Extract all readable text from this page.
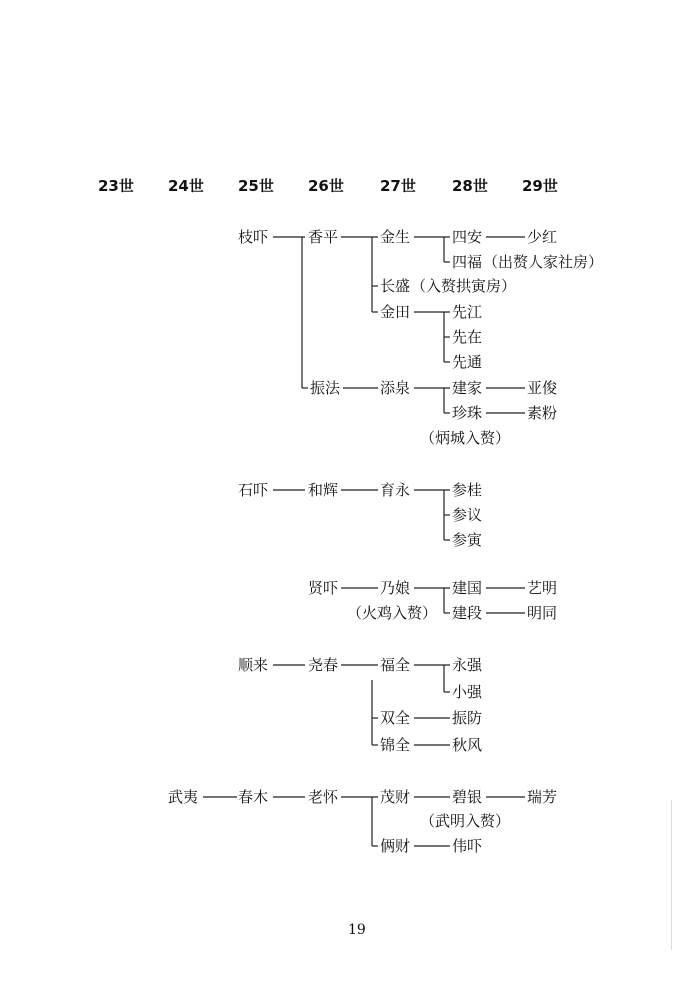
23世 24世 25世 26世 27世 28世 29世
枝吓	香平	金生	四安	少红
四福 （出赘人家社房）
长盛 （入赘拱寅房）
金田	先江
先在
先通
振法	添泉	建家	亚俊
珍珠	素粉
（炳城入赘）
石吓	和辉	育永	参桂
参议
参寅
贤吓	乃娘	建国	艺明
（火鸡入赘） 建段	明同
顺来	尧春	福全	永强
小强
双全	振防
锦全	秋风
武夷	春木	老怀	茂财	碧银	瑞芳
（武明入赘）
俩财	伟吓
19
